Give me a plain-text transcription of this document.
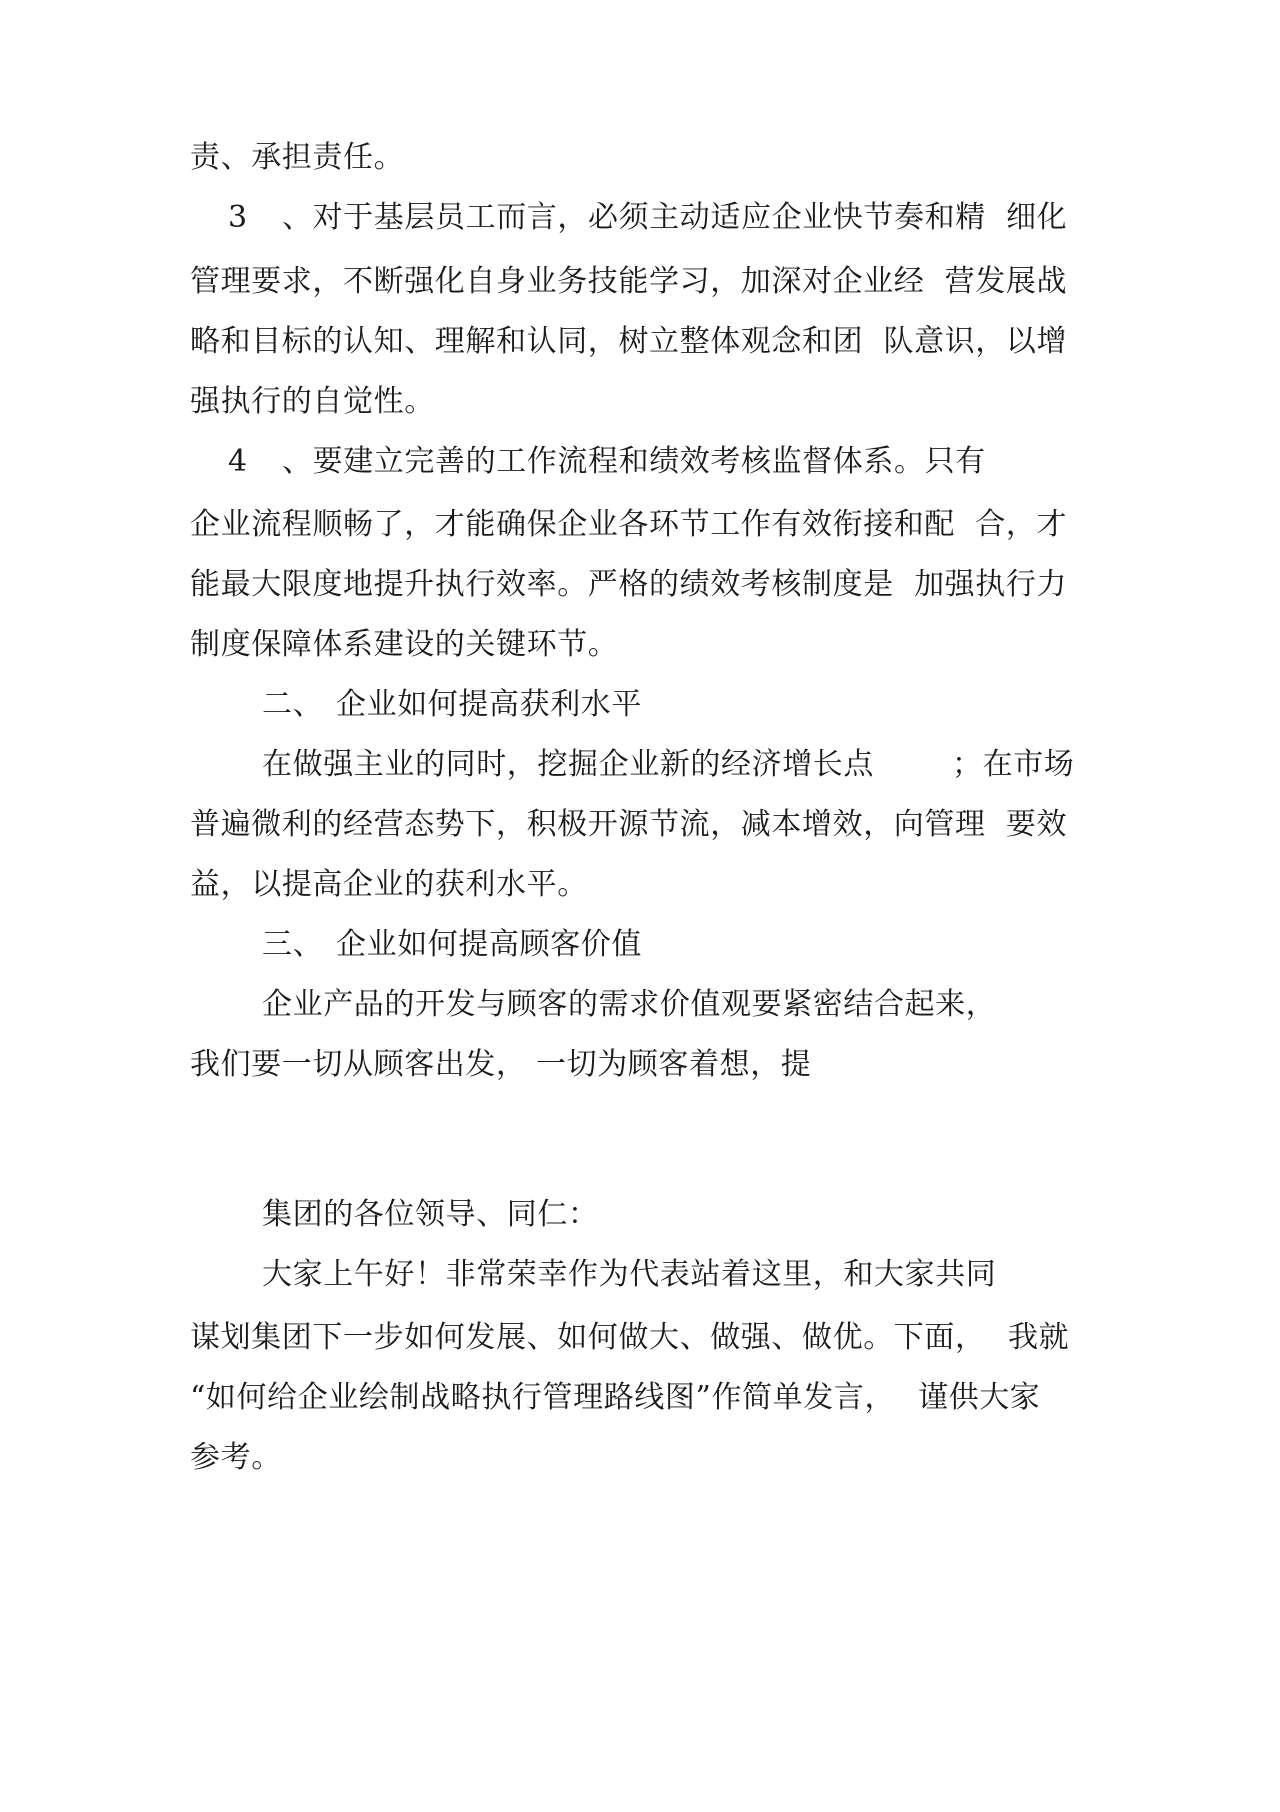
责、承担责任。
3 、对于基层员工而言，必须主动适应企业快节奏和精  细化
管理要求，不断强化自身业务技能学习，加深对企业经  营发展战
略和目标的认知、理解和认同，树立整体观念和团  队意识，以增
强执行的自觉性。
4 、要建立完善的工作流程和绩效考核监督体系。只有
企业流程顺畅了，才能确保企业各环节工作有效衔接和配  合，才
能最大限度地提升执行效率。严格的绩效考核制度是  加强执行力
制度保障体系建设的关键环节。
二、 企业如何提高获利水平
在做强主业的同时，挖掘企业新的经济增长点	；在市场
普遍微利的经营态势下，积极开源节流，减本增效，向管理  要效
益，以提高企业的获利水平。
三、 企业如何提高顾客价值
企业产品的开发与顾客的需求价值观要紧密结合起来，
我们要一切从顾客出发， 一切为顾客着想，提
集团的各位领导、同仁：
大家上午好！非常荣幸作为代表站着这里，和大家共同
谋划集团下一步如何发展、如何做大、做强、做优。下面， 我就
“如何给企业绘制战略执行管理路线图”作简单发言， 谨供大家
参考。
